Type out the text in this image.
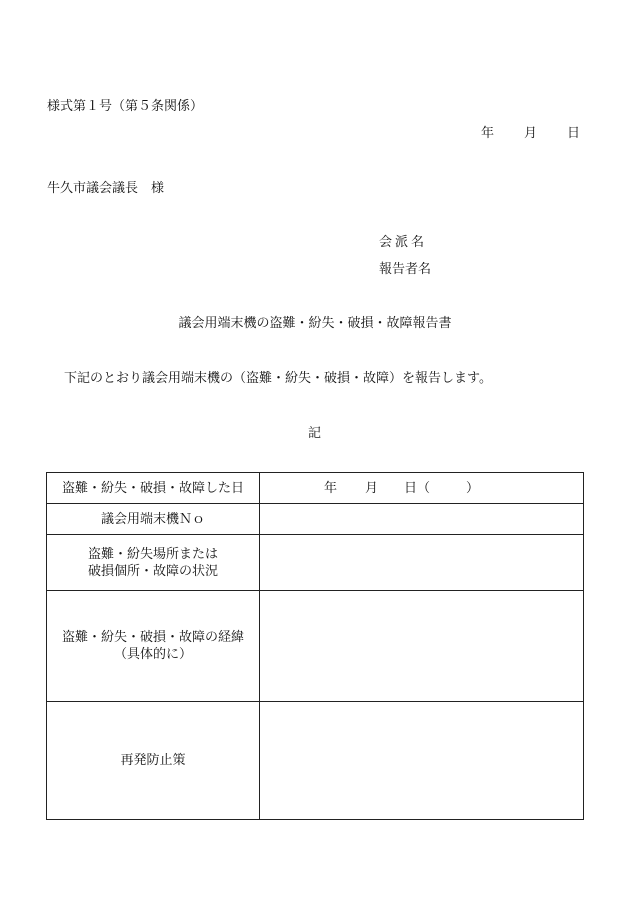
様式第１号（第５条関係）
年 月 日
牛久市議会議長　様
会派名
報告者名
議会用端末機の盗難・紛失・破損・故障報告書
下記のとおり議会用端末機の（盗難・紛失・破損・故障）を報告します。
記
盗難・紛失・破損・故障した日	年 月 日（ ）
議会用端末機Ｎｏ	

盗難・紛失場所または
破損個所・故障の状況	

盗難・紛失・破損・故障の経緯
（具体的に）	

再発防止策	
